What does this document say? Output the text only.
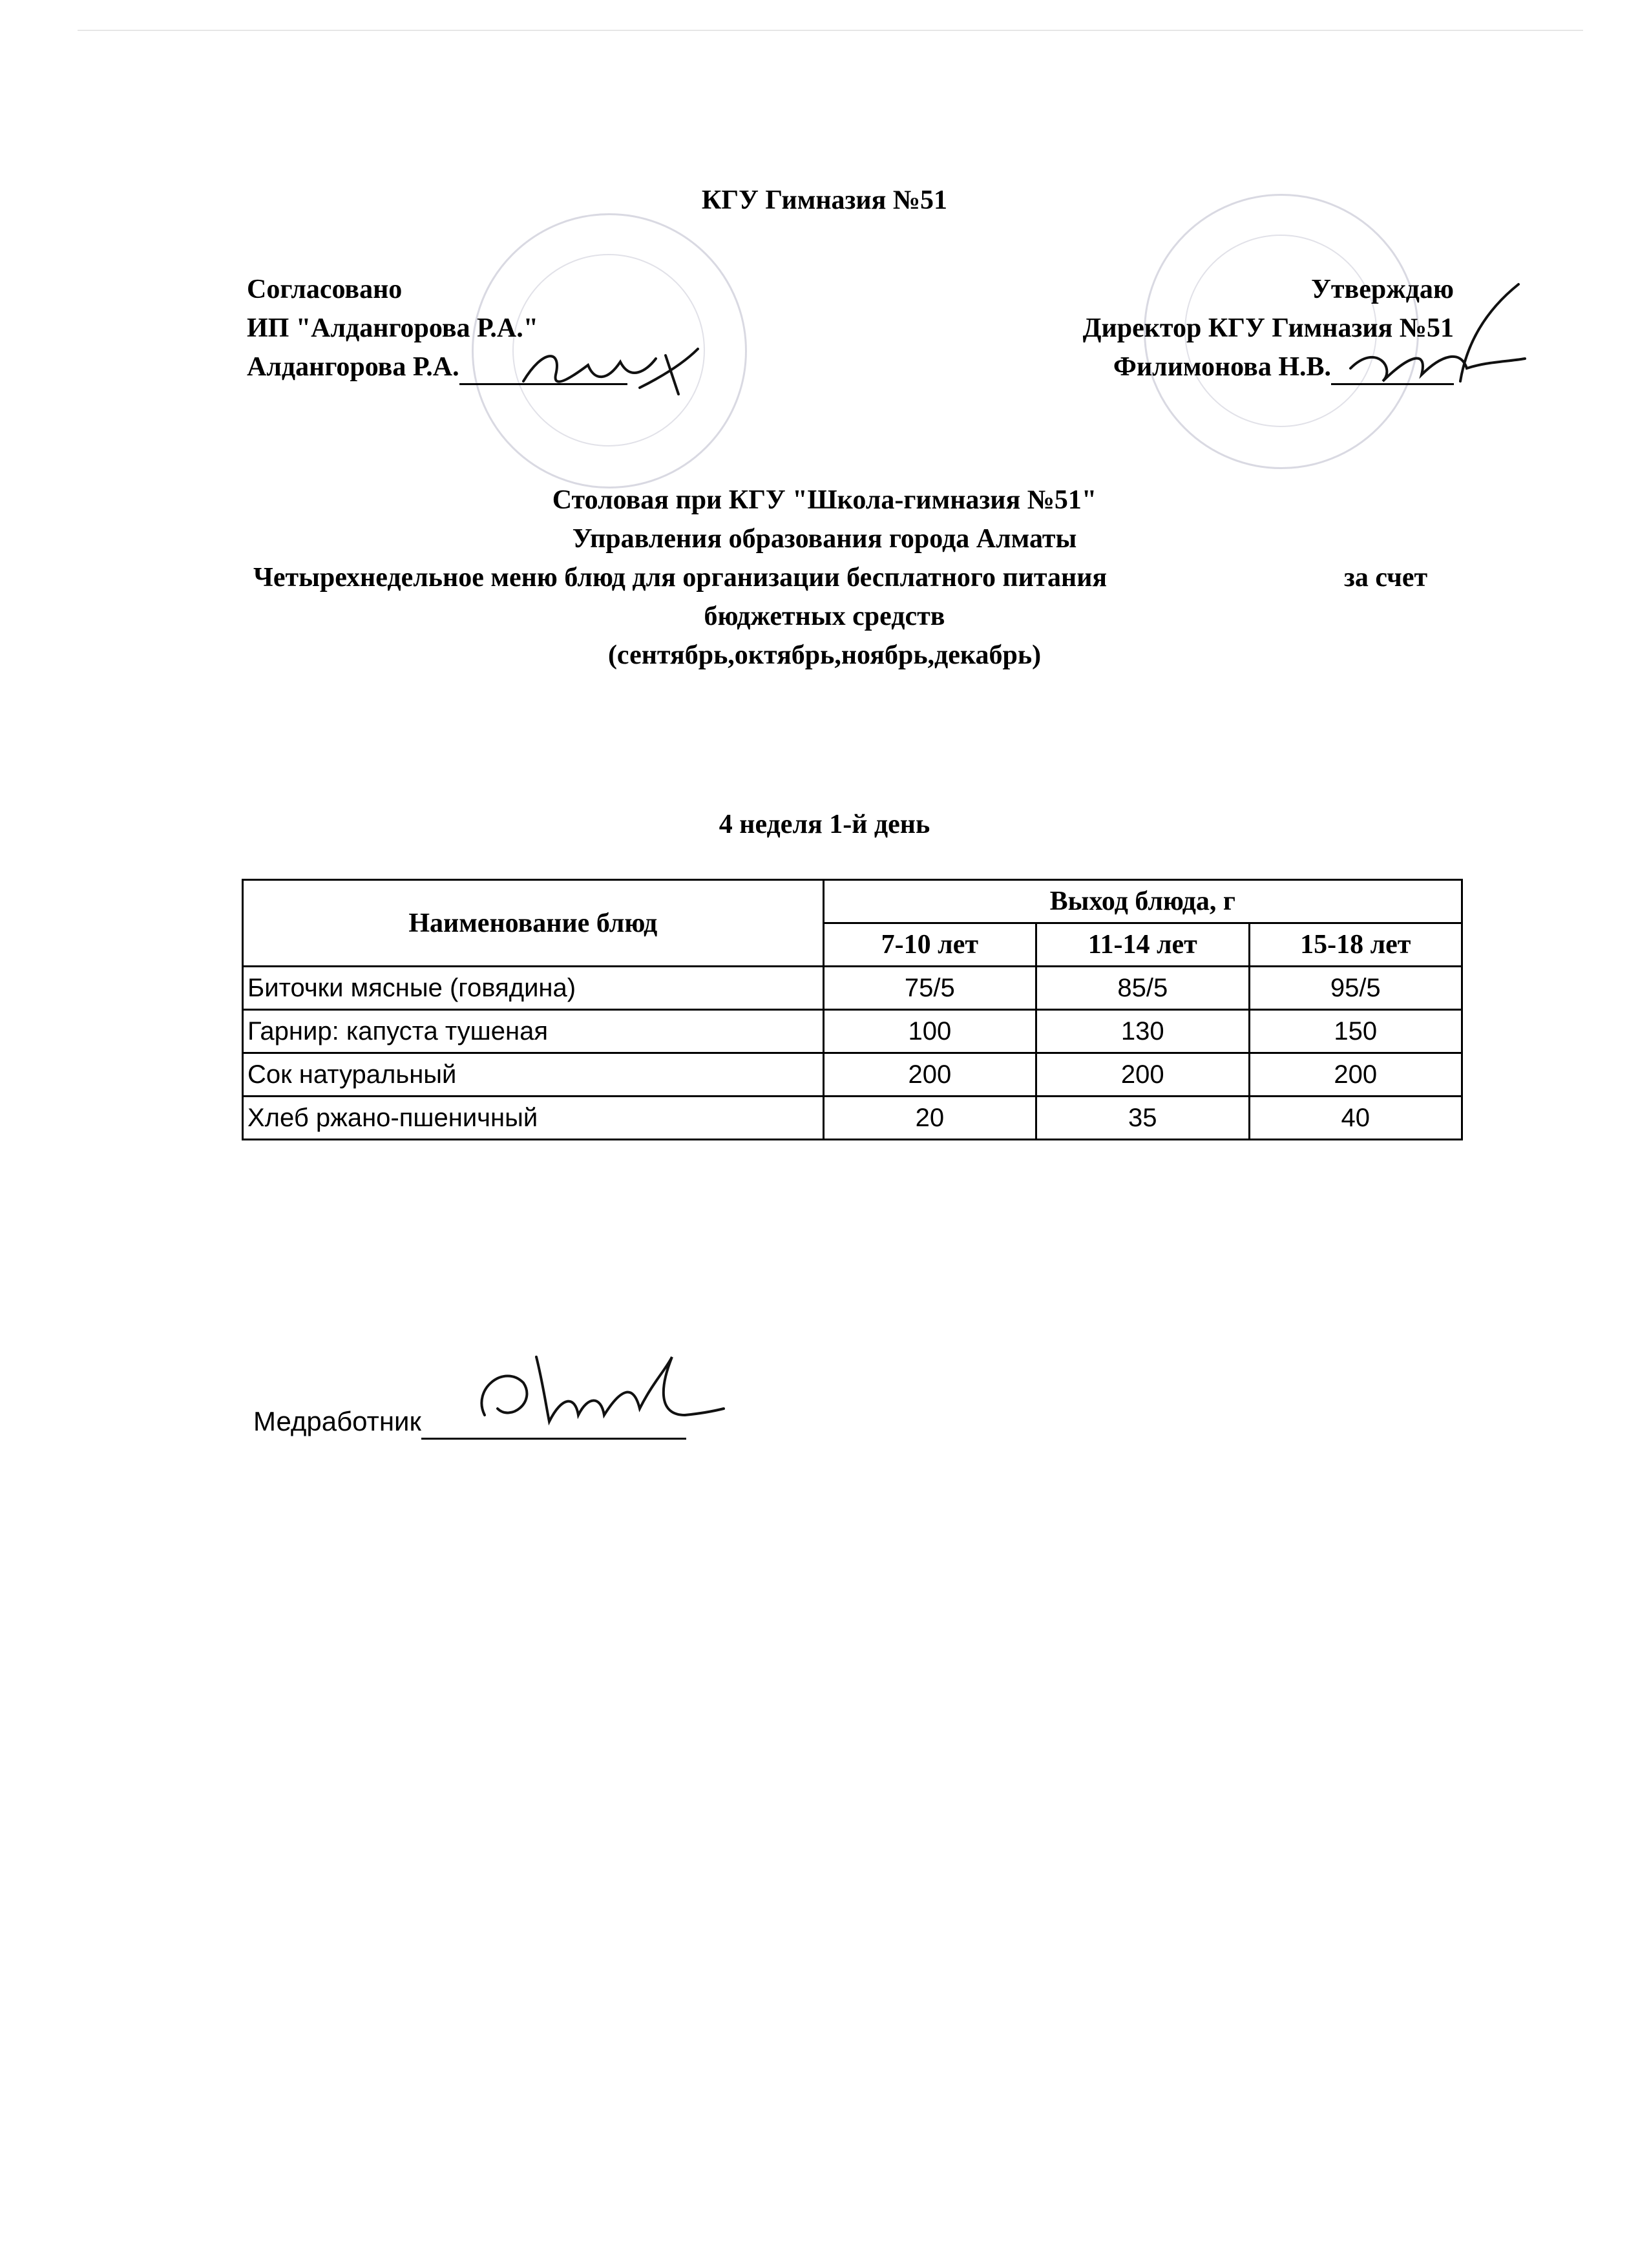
КГУ Гимназия №51
Согласовано
ИП "Алдангорова Р.А."
Алдангорова Р.А.
Утверждаю
Директор КГУ Гимназия №51
Филимонова Н.В.
Столовая при КГУ "Школа-гимназия №51"
Управления образования города Алматы
Четырехнедельное меню блюд для организации бесплатного питания	за счет
бюджетных средств
(сентябрь,октябрь,ноябрь,декабрь)
4 неделя 1-й день
Наименование блюд	Выход блюда, г		
	7-10 лет	11-14 лет	15-18 лет
Биточки мясные (говядина)	75/5	85/5	95/5
Гарнир: капуста тушеная	100	130	150
Сок натуральный	200	200	200
Хлеб ржано-пшеничный	20	35	40
Медработник
